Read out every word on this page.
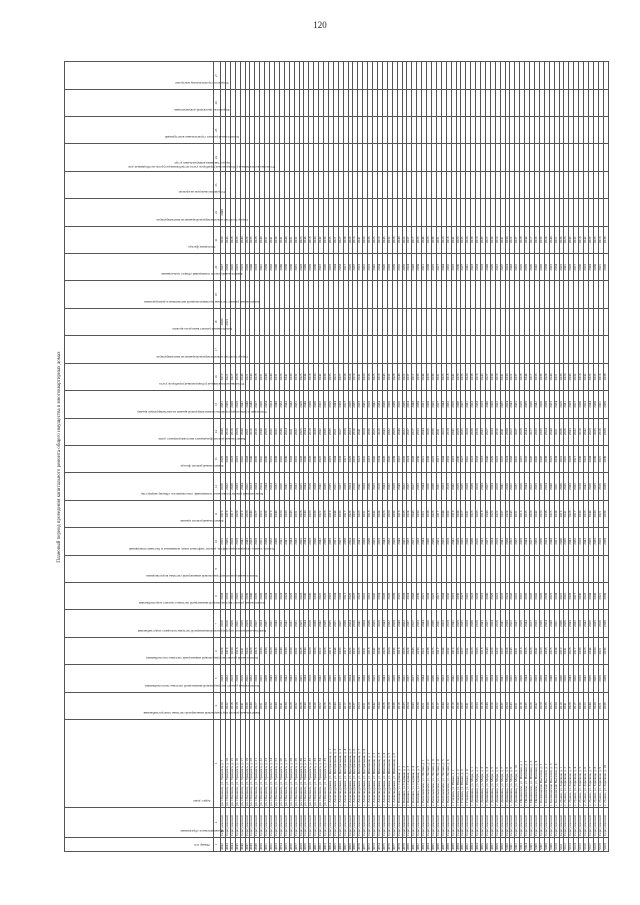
120
Плановый период проведения капитального ремонта общего имущества в многоквартирных домах
Номер п/п	Муниципальное образование	Адрес дома	Капитальный ремонт внутридомовой инженерной системы электроснабжения	Капитальный ремонт внутридомовой инженерной системы теплоснабжения	Капитальный ремонт внутридомовой инженерной системы газоснабжения	Капитальный ремонт внутридомовой инженерной системы холодного водоснабжения	Капитальный ремонт внутридомовой инженерной системы горячего водоснабжения	Капитальный ремонт внутридомовой инженерной системы водоотведения	Ремонт, замена, модернизация лифтов, ремонт лифтовых шахт, машинных и блочных помещений	Капитальный ремонт крыши	Капитальный ремонт подвальных помещений, относящихся к общему имуществу	Капитальный ремонт фасада	Капитальный ремонт фундамента многоквартирного дома	Утепление и (или) переустройство невентилируемой крыши на вентилируемую крышу	Установка коллективных (общедомовых) приборов учета	Переустройство невентилируемой крыши на вентилируемую	Капитальный ремонт выхода на кровлю	Капитальный ремонт системы противопожарной автоматики и дымоудаления	Капитальный ремонт помещений общего пользования	Утепление фасада	Переустройство невентилируемой крыши на вентилируемую	Устройство выходов на кровлю	Установка коллективных (общедомовых) приборов учета потребления ресурсов, необходимых для предоставления коммунальных услуг	Капитальный ремонт строительных конструкций	Разработка проектной документации	Услуги по строительному контролю

1	2	3	4	5	6	7	8	9	10	11	12	13	14	15	16	17	18	19	20	21	22	23	24	25	26	27
4942	Серпуховский	рп. Оболенск, ул. Урицкого, д. 7	2024	2033	2024	2019	2033		2015	2019	2016	2029	2040	2031	2017		2020		2027	2030	2040					
4943	Серпуховский	рп. Оболенск, ул. Урицкого, д. 10	2032	2032	2019	2016	2032		2035	2019	2032	2035	2019	2035	2021		2021		2033	2043						
4944	Серпуховский	рп. Оболенск, ул. Урицкого, д. 15	2018	2018	2030	2026	2016		2018	2017	2026	2023	2016	2029	2027				2016	2028						
4945	Серпуховский	рп. Оболенск, ул. Урицкого, д. 16	2018	2028	2018	2021	2016		2018	2029	2033	2019	2020	2018	2029				2019	2029						
4946	Серпуховский	рп. Оболенск, ул. Урицкого, д. 17	2041	2019	2041	2029	2041		2042	2019	2044	2041	2040	2042	2043				2019	2040						
4947	Серпуховский	рп. Оболенск, ул. Урицкого, д. 18	2039	2022	2022	2028	2039		2043	2020	2022	2043	2021	2040	2021				2020	2029						
4948	Серпуховский	рп. Оболенск, ул. Урицкого, д. 20	2040	2032	2020	2020	2040		2023	2040	2023	2040	2016	2040	2043				2040	2035						
4949	Серпуховский	рп. Оболенск, ул. Урицкого, д. 21	2027	2020	2016	2027	2035		2018	2027	2034	2035	2016	2027	2028				2018	2028						
4950	Серпуховский	рп. Оболенск, ул. Урицкого, д. 22	2031	2022	2030	2024	2043		2021	2022	2024	2041	2040	2026	2031				2041	2040						
4951	Серпуховский	рп. Оболенск, ул. Урицкого, д. 23	2030	2039	2030	2037	2034		2030	2039	2044	2030	2029	2034	2040				2030	2031						
4952	Серпуховский	рп. Оболенск, ул. Урицкого, д. 24	2032	2043	2020	2031	2024		2032	2019	2024	2031	2032	2024	2040				2020	2041						
4953	Серпуховский	рп. Оболенск, ул. Урицкого, д. 25	2040	2032	2040	2040	2032		2039	2040	2032	2039	2032	2040	2031				2040	2039						
4954	Серпуховский	рп. Оболенск, ул. Урицкого, д. 26	2041	2020	2040	2032	2024		2041	2020	2026	2041	2040	2032	2029				2040	2041						
4955	Серпуховский	рп. Оболенск, ул. Урицкого, д. 27	2030	2042	2030	2042	2024		2041	2030	2041	2030	2024	2042	2041				2030	2040						
4956	Серпуховский	рп. Оболенск, ул. Урицкого, д. 28	2028	2043	2030	2031	2029		2044	2043	2043	2043	2031	2043	2030				2030	2031						
4957	Серпуховский	рп. Оболенск, ул. Урицкого, д. 29	2032	2031	2032	2031	2032		2032	2031	2032	2031	2032	2031	2032				2031	2032						
4958	Серпуховский	рп. Оболенск, ул. Урицкого, д. 30	2028	2025	2028	2025	2028		2025	2028	2025	2028	2025	2028	2025				2028	2025						
4959	Серпуховский	рп. Оболенск, ул. Урицкого, д. 31	2040	2044	2040	2044	2040		2044	2040	2044	2040	2044	2040	2044				2040	2044						
4960	Серпуховский	рп. Оболенск, ул. Урицкого, д. 32	2020	2018	2020	2018	2020		2018	2020	2018	2020	2018	2020	2018				2020	2018						
4961	Серпуховский	рп. Оболенск, ул. Урицкого, д. 33	2036	2030	2036	2030	2036		2030	2036	2030	2036	2030	2036	2030				2036	2030						
4962	Серпуховский	рп. Оболенск, ул. Урицкого, д. 34	2022	2042	2022	2042	2022		2042	2022	2042	2022	2042	2022	2042				2022	2042						
4963	Серпуховский	рп. Оболенск, ул. Урицкого, д. 35	2026	2039	2026	2039	2026		2039	2026	2039	2026	2039	2026	2039				2026	2039						
4964	Серпуховский	с. Александровка, ул. Центральная, д. 1	2019	2035	2019	2035	2019		2035	2019	2035	2019	2035	2019	2035				2019	2035						
4965	Серпуховский	с. Александровка, ул. Центральная, д. 2	2044	2021	2044	2021	2044		2021	2044	2021	2044	2021	2044	2021				2044	2021						
4966	Серпуховский	с. Александровка, ул. Центральная, д. 3	2033	2027	2033	2027	2033		2027	2033	2027	2033	2027	2033	2027				2033	2027						
4967	Серпуховский	с. Александровка, ул. Центральная, д. 4	2017	2038	2017	2038	2017		2038	2017	2038	2017	2038	2017	2038				2017	2038						
4968	Серпуховский	с. Александровка, ул. Центральная, д. 5	2029	2024	2029	2024	2029		2024	2029	2024	2029	2024	2029	2024				2029	2024						
4969	Серпуховский	с. Александровка, ул. Центральная, д. 6	2037	2016	2037	2016	2037		2016	2037	2016	2037	2016	2037	2016				2037	2016						
4970	Серпуховский	с. Александровка, ул. Центральная, д. 7	2023	2041	2023	2041	2023		2041	2023	2041	2023	2041	2023	2041				2023	2041						
4971	Серпуховский	с. Александровка, ул. Центральная, д. 8	2031	2020	2031	2020	2031		2020	2031	2020	2031	2020	2031	2020				2031	2020						
4972	Серпуховский	с. Александровка, ул. Школьная, д. 1	2018	2036	2018	2036	2018		2036	2018	2036	2018	2036	2018	2036				2018	2036						
4973	Серпуховский	с. Александровка, ул. Школьная, д. 2	2042	2025	2042	2025	2042		2025	2042	2025	2042	2025	2042	2025				2042	2025						
4974	Серпуховский	с. Александровка, ул. Школьная, д. 3	2034	2019	2034	2019	2034		2019	2034	2019	2034	2019	2034	2019				2034	2019						
4975	Серпуховский	с. Александровка, ул. Школьная, д. 4	2026	2043	2026	2043	2026		2043	2026	2043	2026	2043	2026	2043				2026	2043						
4976	Серпуховский	с. Александровка, ул. Школьная, д. 5	2020	2032	2020	2032	2020		2032	2020	2032	2020	2032	2020	2032				2020	2032						
4977	Серпуховский	с. Александровка, ул. Школьная, д. 6	2039	2028	2039	2028	2039		2028	2039	2028	2039	2028	2039	2028				2039	2028						
4978	Серпуховский	с. Балково, ул. Садовая, д. 1	2016	2040	2016	2040	2016		2040	2016	2040	2016	2040	2016	2040				2016	2040						
4979	Серпуховский	с. Балково, ул. Садовая, д. 2	2035	2022	2035	2022	2035		2022	2035	2022	2035	2022	2035	2022				2035	2022						
4980	Серпуховский	с. Балково, ул. Садовая, д. 3	2024	2037	2024	2037	2024		2037	2024	2037	2024	2037	2024	2037				2024	2037						
4981	Серпуховский	с. Балково, ул. Садовая, д. 4	2043	2017	2043	2017	2043		2017	2043	2017	2043	2017	2043	2017				2043	2017						
4982	Серпуховский	с. Балково, ул. Садовая, д. 5	2030	2033	2030	2033	2030		2033	2030	2033	2030	2033	2030	2033				2030	2033						
4983	Серпуховский	с. Васильевское, ул. Лесная, д. 1	2021	2044	2021	2044	2021		2044	2021	2044	2021	2044	2021	2044				2021	2044						
4984	Серпуховский	с. Васильевское, ул. Лесная, д. 2	2038	2026	2038	2026	2038		2026	2038	2026	2038	2026	2038	2026				2038	2026						
4985	Серпуховский	с. Васильевское, ул. Лесная, д. 3	2025	2039	2025	2039	2025		2039	2025	2039	2025	2039	2025	2039				2025	2039						
4986	Серпуховский	с. Васильевское, ул. Лесная, д. 4	2017	2031	2017	2031	2017		2031	2017	2031	2017	2031	2017	2031				2017	2031						
4987	Серпуховский	с. Васильевское, ул. Лесная, д. 5	2044	2023	2044	2023	2044		2023	2044	2023	2044	2023	2044	2023				2044	2023						
4988	Серпуховский	с. Васильевское, ул. Лесная, д. 6	2032	2018	2032	2018	2032		2018	2032	2018	2032	2018	2032	2018				2032	2018						
4989	Серпуховский	с. Глазово, ул. Новая, д. 1	2019	2042	2019	2042	2019		2042	2019	2042	2019	2042	2019	2042				2019	2042						
4990	Серпуховский	с. Глазово, ул. Новая, д. 2	2036	2029	2036	2029	2036		2029	2036	2029	2036	2029	2036	2029				2036	2029						
4991	Серпуховский	с. Глазово, ул. Новая, д. 3	2027	2035	2027	2035	2027		2035	2027	2035	2027	2035	2027	2035				2027	2035						
4992	Серпуховский	с. Глазово, ул. Новая, д. 4	2041	2020	2041	2020	2041		2020	2041	2020	2041	2020	2041	2020				2041	2020						
4993	Серпуховский	с. Дашковка, ул. Мира, д. 1	2023	2038	2023	2038	2023		2038	2023	2038	2023	2038	2023	2038				2023	2038						
4994	Серпуховский	с. Дашковка, ул. Мира, д. 2	2033	2016	2033	2016	2033		2016	2033	2016	2033	2016	2033	2016				2033	2016						
4995	Серпуховский	с. Дашковка, ул. Мира, д. 3	2018	2043	2018	2043	2018		2043	2018	2043	2018	2043	2018	2043				2018	2043						
4996	Серпуховский	с. Дашковка, ул. Мира, д. 4	2040	2027	2040	2027	2040		2027	2040	2027	2040	2027	2040	2027				2040	2027						
4997	Серпуховский	с. Дашковка, ул. Мира, д. 5	2029	2034	2029	2034	2029		2034	2029	2034	2029	2034	2029	2034				2029	2034						
4998	Серпуховский	с. Дашковка, ул. Мира, д. 6	2022	2019	2022	2019	2022		2019	2022	2019	2022	2019	2022	2019				2022	2019						
4999	Серпуховский	с. Дашковка, ул. Мира, д. 7	2037	2041	2037	2041	2037		2041	2037	2041	2037	2041	2037	2041				2037	2041						
5000	Серпуховский	с. Дашковка, ул. Мира, д. 8	2024	2030	2024	2030	2024		2030	2024	2030	2024	2030	2024	2030				2024	2030						
5001	Серпуховский	с. Дашковка, ул. Мира, д. 9	2043	2022	2043	2022	2043		2022	2043	2022	2043	2022	2043	2022				2043	2022						
5002	Серпуховский	с. Дашковка, ул. Мира, д. 10	2031	2037	2031	2037	2031		2037	2031	2037	2031	2037	2031	2037				2031	2037						
5003	Серпуховский	с. Ивановское, ул. Полевая, д. 1	2016	2028	2016	2028	2016		2028	2016	2028	2016	2028	2016	2028				2016	2028						
5004	Серпуховский	с. Ивановское, ул. Полевая, д. 2	2035	2044	2035	2044	2035		2044	2035	2044	2035	2044	2035	2044				2035	2044						
5005	Серпуховский	с. Ивановское, ул. Полевая, д. 3	2026	2017	2026	2017	2026		2017	2026	2017	2026	2017	2026	2017				2026	2017						
5006	Серпуховский	с. Ивановское, ул. Полевая, д. 4	2042	2033	2042	2033	2042		2033	2042	2033	2042	2033	2042	2033				2042	2033						
5007	Серпуховский	с. Калиновские Выселки, д. 1	2020	2039	2020	2039	2020		2039	2020	2039	2020	2039	2020	2039				2020	2039						
5008	Серпуховский	с. Калиновские Выселки, д. 2	2038	2024	2038	2024	2038		2024	2038	2024	2038	2024	2038	2024				2038	2024						
5009	Серпуховский	с. Калиновские Выселки, д. 3	2025	2040	2025	2040	2025		2040	2025	2040	2025	2040	2025	2040				2025	2040						
5010	Серпуховский	с. Калиновские Выселки, д. 4	2034	2021	2034	2021	2034		2021	2034	2021	2034	2021	2034	2021				2034	2021						
5011	Серпуховский	с. Лужки, ул. Заречная, д. 1	2019	2036	2019	2036	2019		2036	2019	2036	2019	2036	2019	2036				2019	2036						
5012	Серпуховский	с. Лужки, ул. Заречная, д. 2	2041	2026	2041	2026	2041		2026	2041	2026	2041	2026	2041	2026				2041	2026						
5013	Серпуховский	с. Лужки, ул. Заречная, д. 3	2028	2043	2028	2043	2028		2043	2028	2043	2028	2043	2028	2043				2028	2043						
5014	Серпуховский	с. Лужки, ул. Заречная, д. 4	2017	2032	2017	2032	2017		2032	2017	2032	2017	2032	2017	2032				2017	2032						
5015	Серпуховский	с. Лужки, ул. Заречная, д. 5	2036	2018	2036	2018	2036		2018	2036	2018	2036	2018	2036	2018				2036	2018						
5016	Серпуховский	с. Лужки, ул. Заречная, д. 6	2023	2042	2023	2042	2023		2042	2023	2042	2023	2042	2023	2042				2023	2042						
5017	Серпуховский	с. Лужки, ул. Заречная, д. 7	2044	2029	2044	2029	2044		2029	2044	2029	2044	2029	2044	2029				2044	2029						
5018	Серпуховский	с. Лужки, ул. Заречная, д. 8	2030	2035	2030	2035	2030		2035	2030	2035	2030	2035	2030	2035				2030	2035						
5019	Серпуховский	с. Лужки, ул. Заречная, д. 9	2021	2016	2021	2016	2021		2016	2021	2016	2021	2016	2021	2016				2021	2016						
5020	Серпуховский	с. Лужки, ул. Заречная, д. 10	2039	2038	2039	2038	2039		2038	2039	2038	2039	2038	2039	2038				2039	2038						
